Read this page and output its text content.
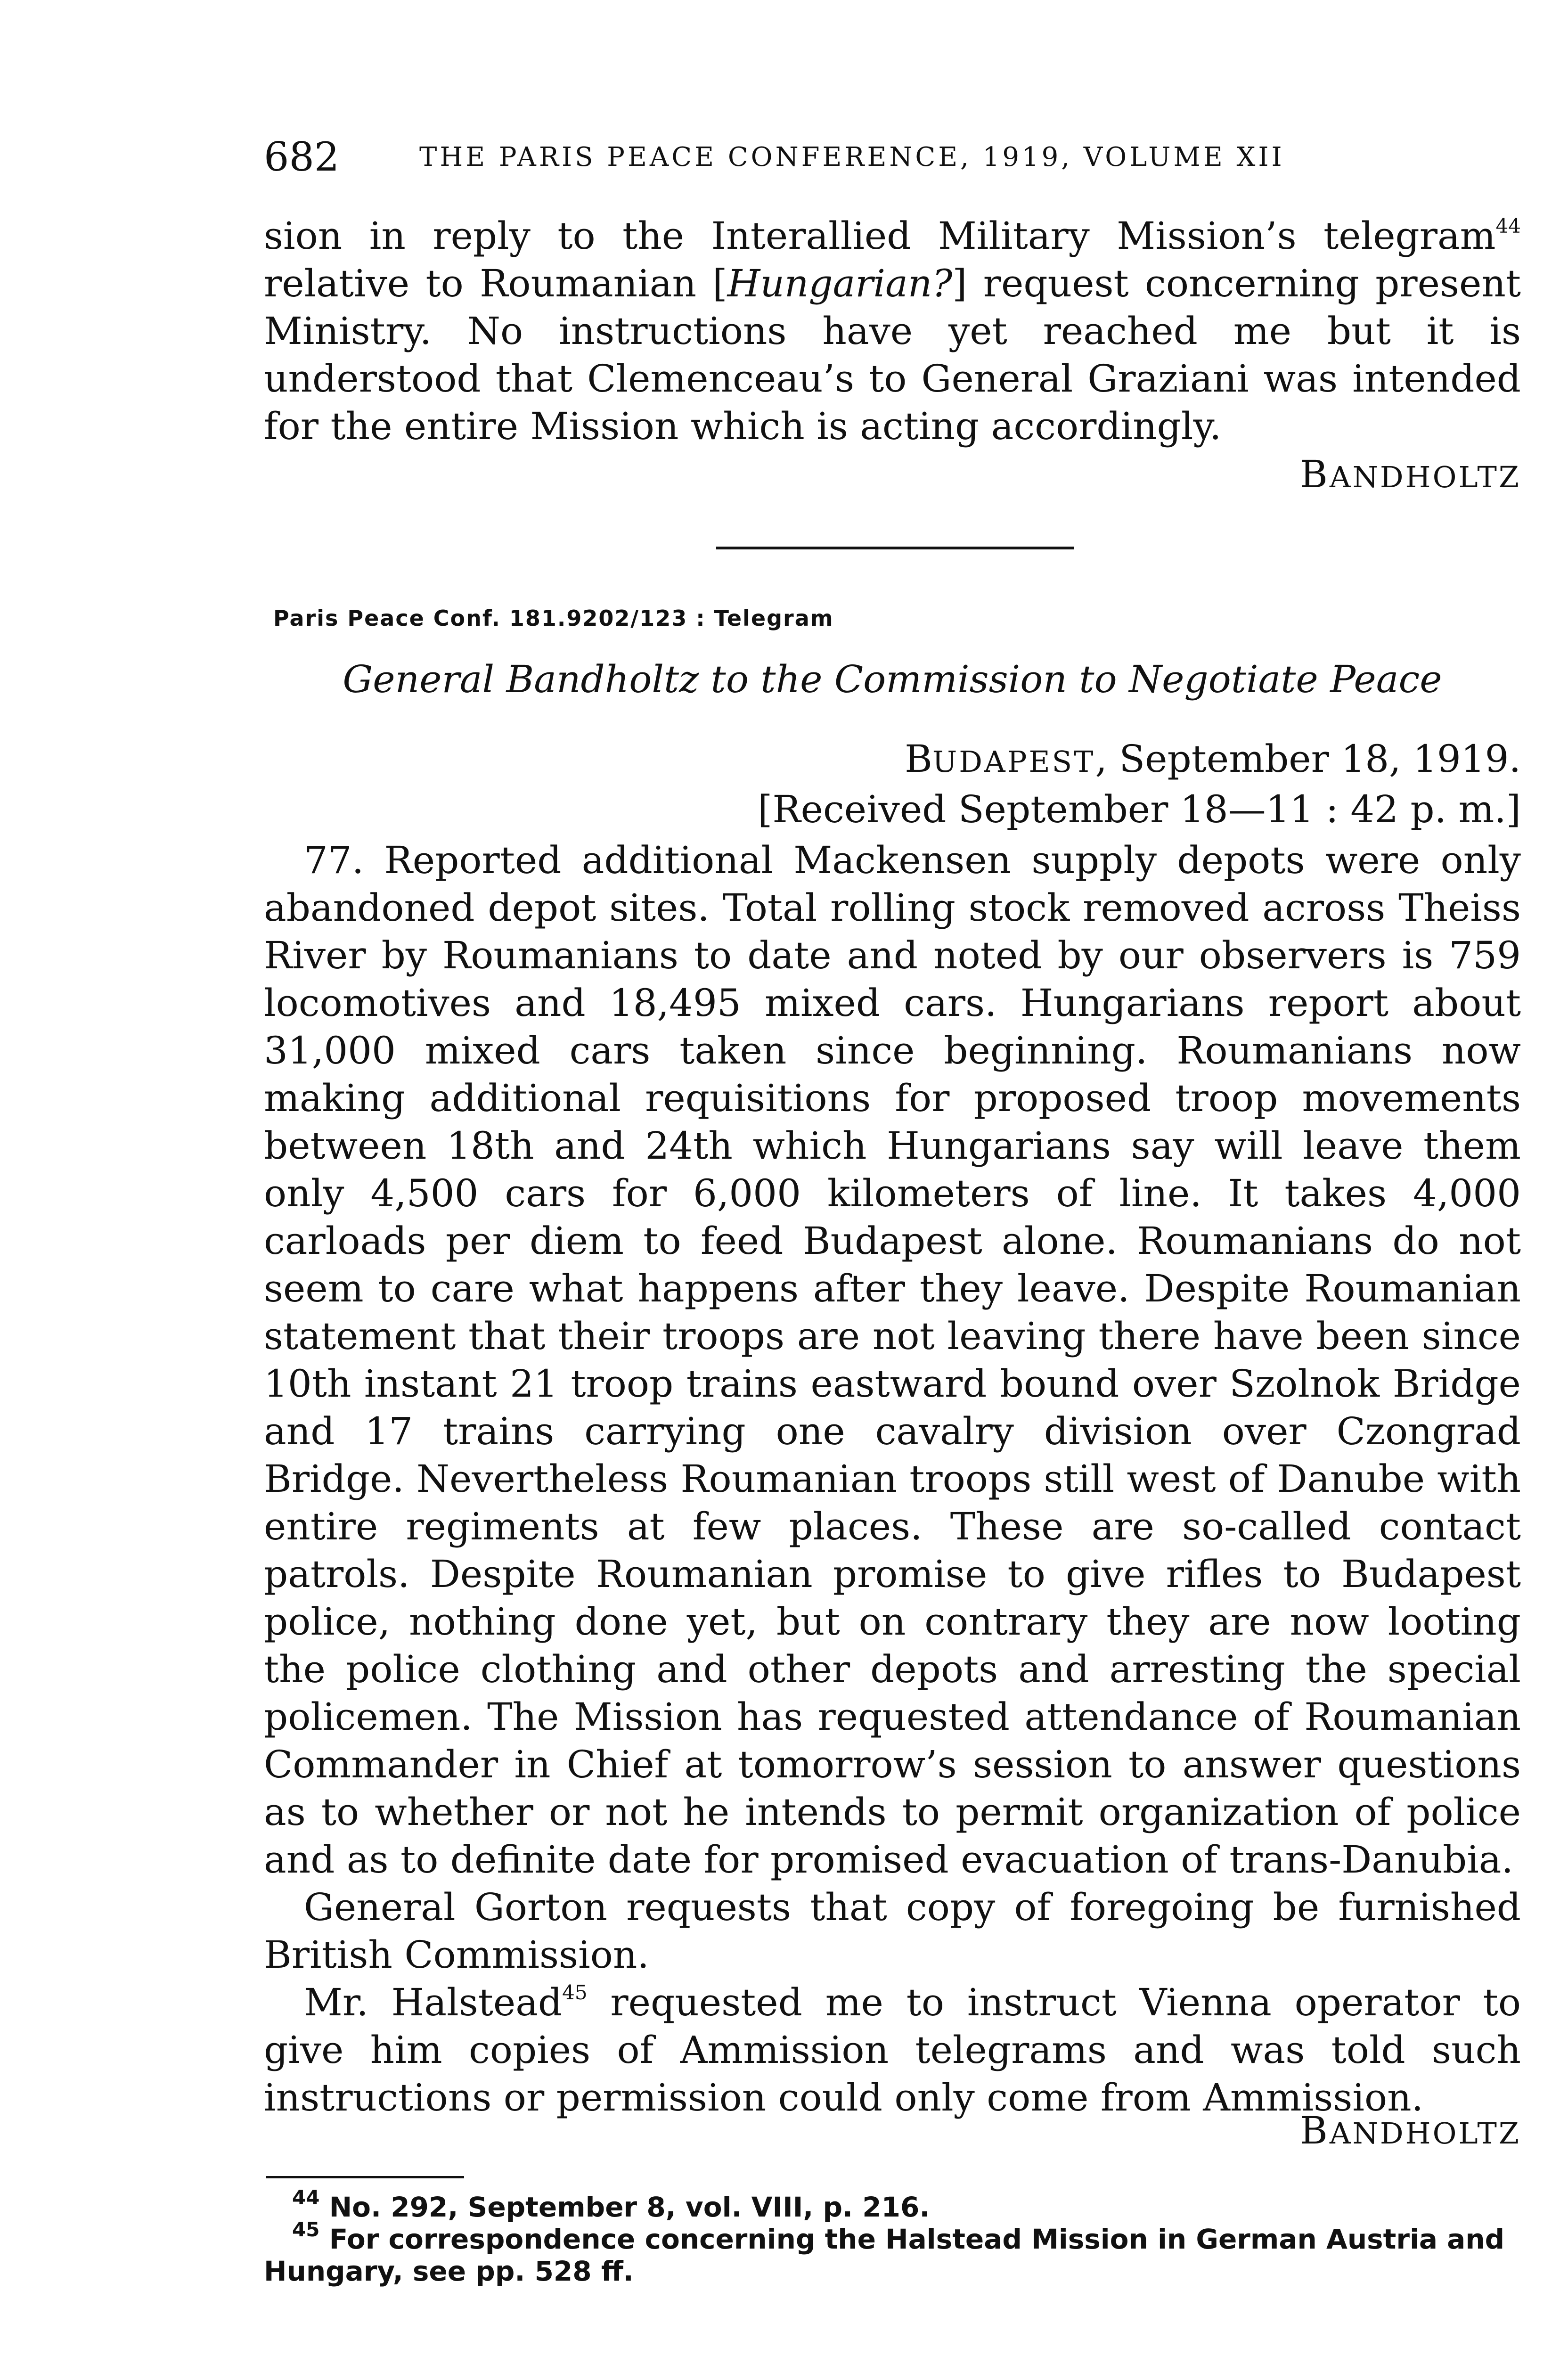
682	THE PARIS PEACE CONFERENCE, 1919, VOLUME XII

sion in reply to the Interallied Military Mission’s telegram$^{44}$ relative to Roumanian [Hungarian?] request concerning present Ministry. No instructions have yet reached me but it is understood that Clemenceau’s to General Graziani was intended for the entire Mission which is acting accordingly.

BANDHOLTZ
Paris Peace Conf. 181.9202/123 : Telegram
General Bandholtz to the Commission to Negotiate Peace
BUDAPEST, September 18, 1919.
[Received September 18—11 : 42 p. m.]

77. Reported additional Mackensen supply depots were only abandoned depot sites. Total rolling stock removed across Theiss River by Roumanians to date and noted by our observers is 759 locomotives and 18,495 mixed cars. Hungarians report about 31,000 mixed cars taken since beginning. Roumanians now making additional requisitions for proposed troop movements between 18th and 24th which Hungarians say will leave them only 4,500 cars for 6,000 kilometers of line. It takes 4,000 carloads per diem to feed Budapest alone. Roumanians do not seem to care what happens after they leave. Despite Roumanian statement that their troops are not leaving there have been since 10th instant 21 troop trains eastward bound over Szolnok Bridge and 17 trains carrying one cavalry division over Czongrad Bridge. Nevertheless Roumanian troops still west of Danube with entire regiments at few places. These are so-called contact patrols. Despite Roumanian promise to give rifles to Budapest police, nothing done yet, but on contrary they are now looting the police clothing and other depots and arresting the special policemen. The Mission has requested attendance of Roumanian Commander in Chief at tomorrow’s session to answer questions as to whether or not he intends to permit organization of police and as to definite date for promised evacuation of trans-Danubia.

General Gorton requests that copy of foregoing be furnished British Commission.

Mr. Halstead$^{45}$ requested me to instruct Vienna operator to give him copies of Ammission telegrams and was told such instructions or permission could only come from Ammission.

BANDHOLTZ
$^{44}$ No. 292, September 8, vol. VIII, p. 216.
$^{45}$ For correspondence concerning the Halstead Mission in German Austria and Hungary, see pp. 528 ff.
